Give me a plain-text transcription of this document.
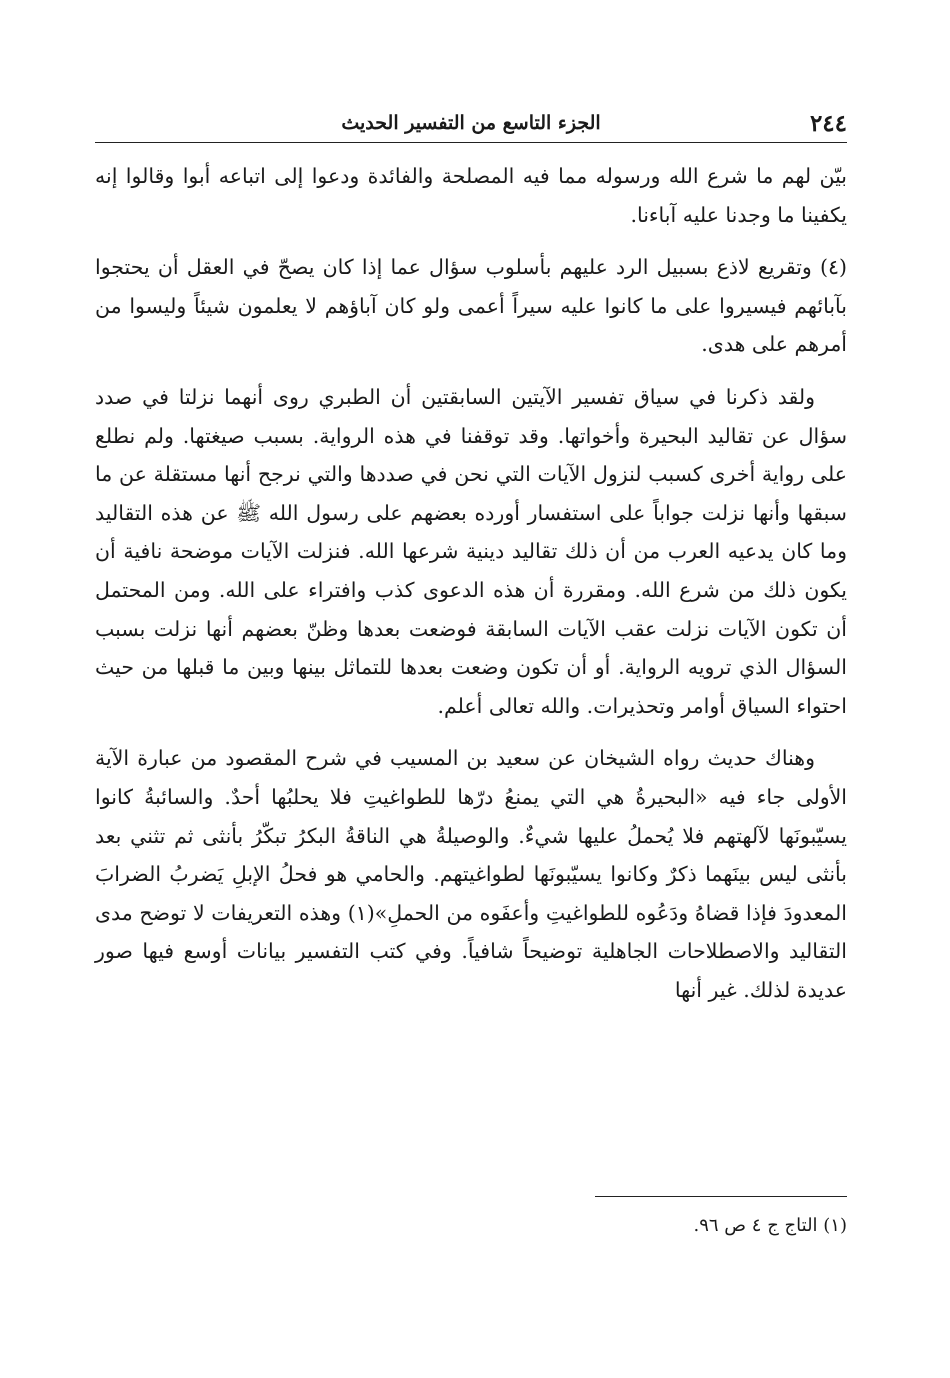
٢٤٤
الجزء التاسع من التفسير الحديث

بيّن لهم ما شرع الله ورسوله مما فيه المصلحة والفائدة ودعوا إلى اتباعه أبوا وقالوا إنه يكفينا ما وجدنا عليه آباءنا.

(٤) وتقريع لاذع بسبيل الرد عليهم بأسلوب سؤال عما إذا كان يصحّ في العقل أن يحتجوا بآبائهم فيسيروا على ما كانوا عليه سيراً أعمى ولو كان آباؤهم لا يعلمون شيئاً وليسوا من أمرهم على هدى.

ولقد ذكرنا في سياق تفسير الآيتين السابقتين أن الطبري روى أنهما نزلتا في صدد سؤال عن تقاليد البحيرة وأخواتها. وقد توقفنا في هذه الرواية. بسبب صيغتها. ولم نطلع على رواية أخرى كسبب لنزول الآيات التي نحن في صددها والتي نرجح أنها مستقلة عن ما سبقها وأنها نزلت جواباً على استفسار أورده بعضهم على رسول الله ﷺ عن هذه التقاليد وما كان يدعيه العرب من أن ذلك تقاليد دينية شرعها الله. فنزلت الآيات موضحة نافية أن يكون ذلك من شرع الله. ومقررة أن هذه الدعوى كذب وافتراء على الله. ومن المحتمل أن تكون الآيات نزلت عقب الآيات السابقة فوضعت بعدها وظنّ بعضهم أنها نزلت بسبب السؤال الذي ترويه الرواية. أو أن تكون وضعت بعدها للتماثل بينها وبين ما قبلها من حيث احتواء السياق أوامر وتحذيرات. والله تعالى أعلم.

وهناك حديث رواه الشيخان عن سعيد بن المسيب في شرح المقصود من عبارة الآية الأولى جاء فيه «البحيرةُ هي التي يمنعُ درّها للطواغيتِ فلا يحلبُها أحدٌ. والسائبةُ كانوا يسيّبونَها لآلهتهم فلا يُحملُ عليها شيءٌ. والوصيلةُ هي الناقةُ البكرُ تبكّرُ بأنثى ثم تثني بعد بأنثى ليس بينَهما ذكرٌ وكانوا يسيّبونَها لطواغيتهم. والحامي هو فحلُ الإبلِ يَضربُ الضرابَ المعدودَ فإذا قضاهُ ودَعُوه للطواغيتِ وأعفَوه من الحملِ»(١) وهذه التعريفات لا توضح مدى التقاليد والاصطلاحات الجاهلية توضيحاً شافياً. وفي كتب التفسير بيانات أوسع فيها صور عديدة لذلك. غير أنها

(١) التاج ج ٤ ص ٩٦.
